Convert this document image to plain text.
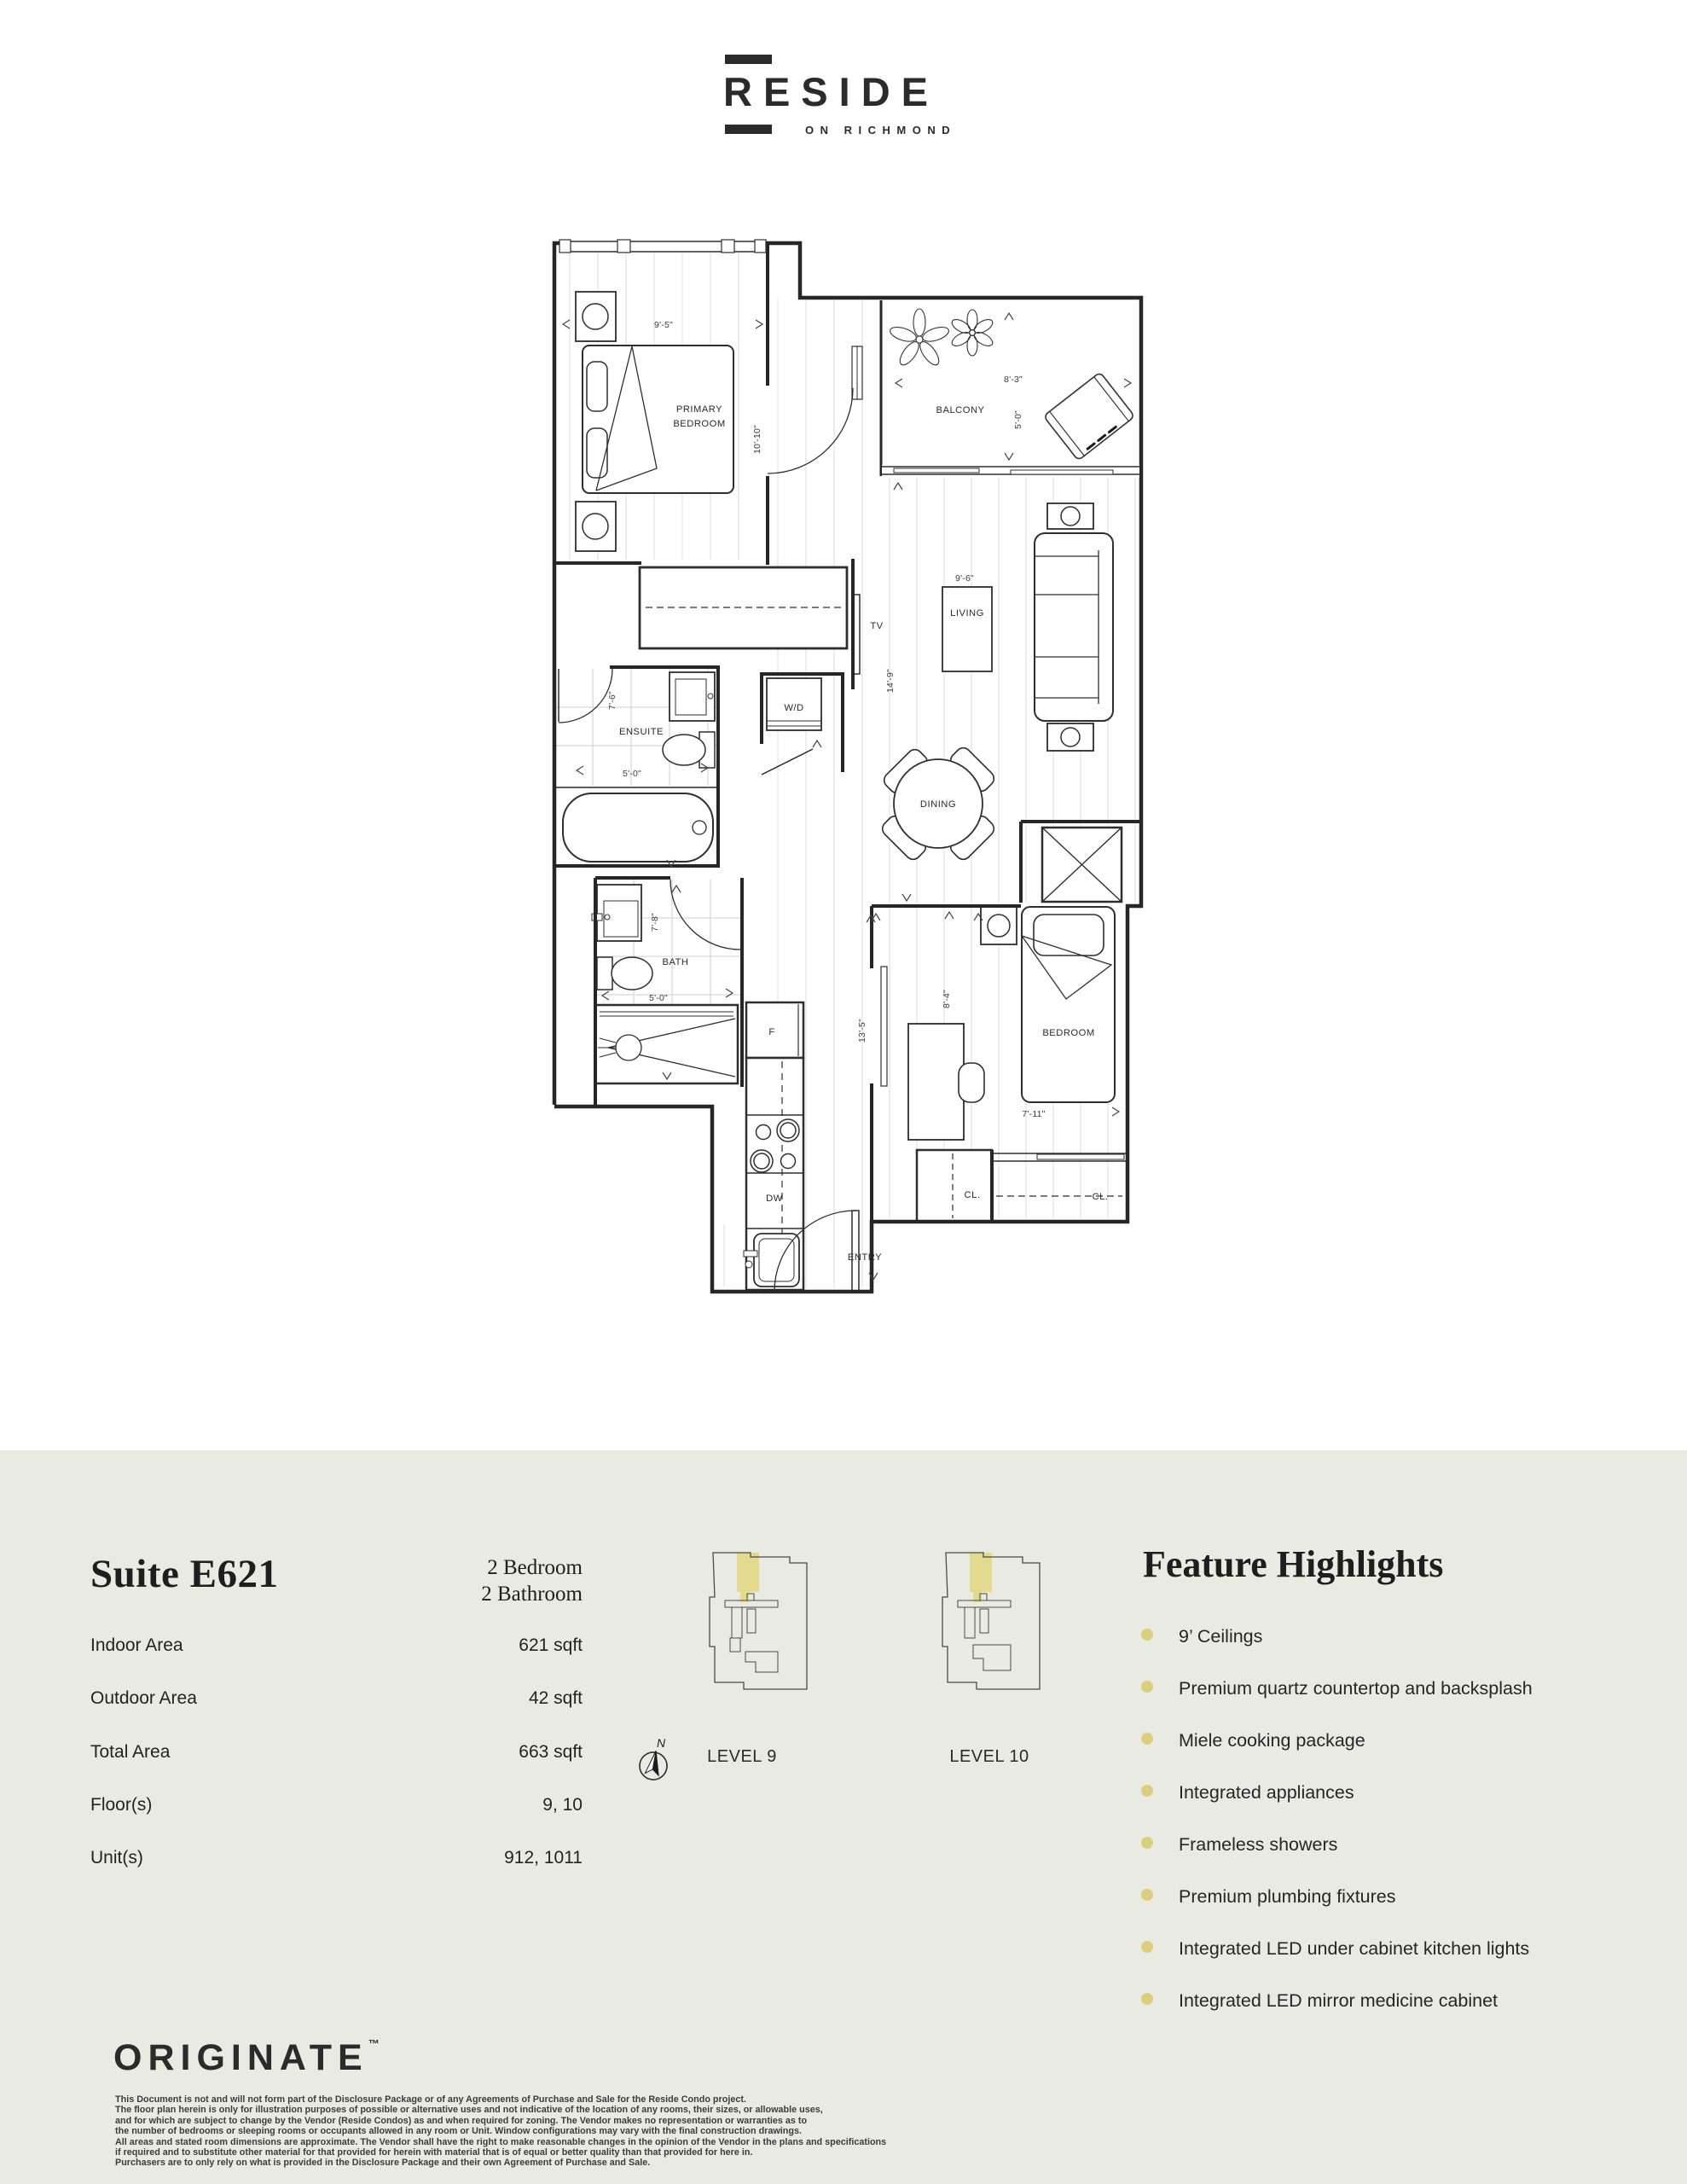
RESIDE
ON RICHMOND
PRIMARY
BEDROOM
BALCONY
LIVING
DINING
BEDROOM
ENSUITE
BATH
ENTRY
W/D
TV
F
DW	CL.	CL.
9'-5"
10'-10"
8'-3"
5'-0"
9'-6"
14'-9"
7'-6"
5'-0"
7'-8"
5'-0"
13'-5"
8'-4"
7'-11"
Suite E621	2 Bedroom
2 Bathroom
Indoor Area	621 sqft
Outdoor Area	42 sqft
Total Area	663 sqft
Floor(s)	9, 10
Unit(s)	912, 1011
N
LEVEL 9	LEVEL 10
Feature Highlights
9’ Ceilings
Premium quartz countertop and backsplash
Miele cooking package
Integrated appliances
Frameless showers
Premium plumbing fixtures
Integrated LED under cabinet kitchen lights
Integrated LED mirror medicine cabinet
ORIGINATE™
This Document is not and will not form part of the Disclosure Package or of any Agreements of Purchase and Sale for the Reside Condo project.
The floor plan herein is only for illustration purposes of possible or alternative uses and not indicative of the location of any rooms, their sizes, or allowable uses,
and for which are subject to change by the Vendor (Reside Condos) as and when required for zoning. The Vendor makes no representation or warranties as to
the number of bedrooms or sleeping rooms or occupants allowed in any room or Unit. Window configurations may vary with the final construction drawings.
All areas and stated room dimensions are approximate. The Vendor shall have the right to make reasonable changes in the opinion of the Vendor in the plans and specifications
if required and to substitute other material for that provided for herein with material that is of equal or better quality than that provided for here in.
Purchasers are to only rely on what is provided in the Disclosure Package and their own Agreement of Purchase and Sale.
